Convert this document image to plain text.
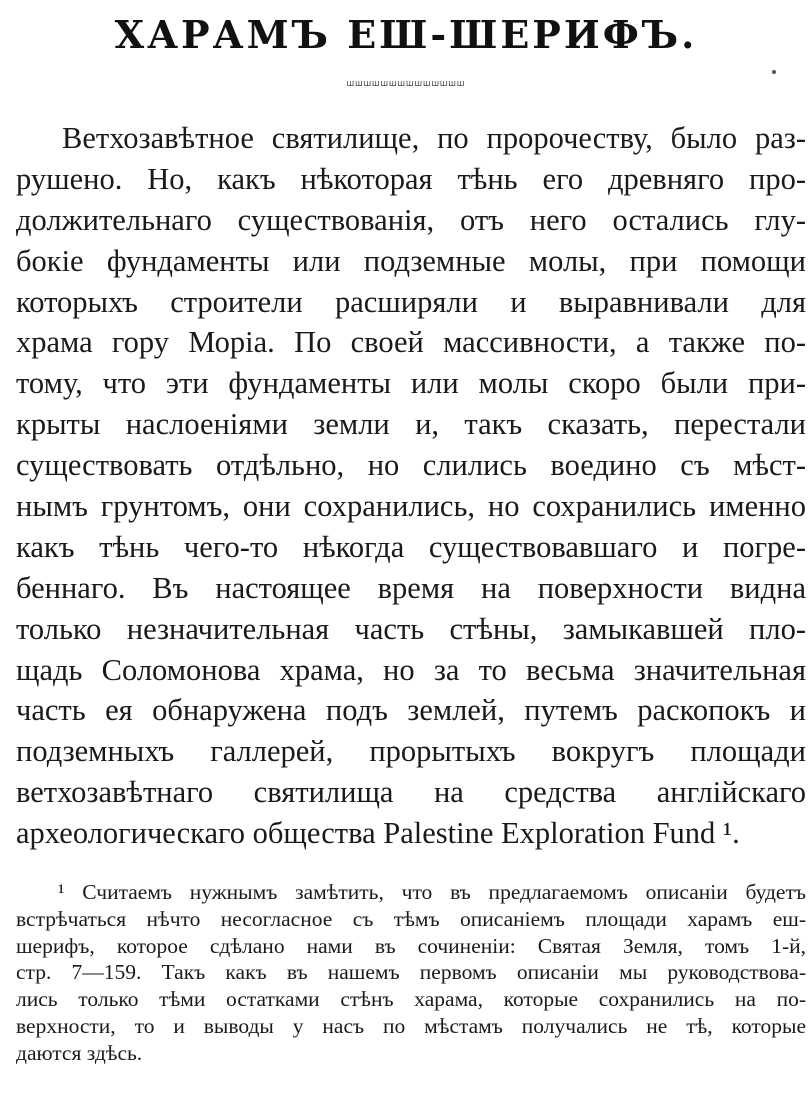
ХАРАМЪ ЕШ-ШЕРИФЪ.
ШШШШШШШШШШШШШШ
Ветхозавѣтное святилище, по пророчеству, было раз-
рушено. Но, какъ нѣкоторая тѣнь его древняго про-
должительнаго существованія, отъ него остались глу-
бокіе фундаменты или подземные молы, при помощи
которыхъ строители расширяли и выравнивали для
храма гору Моріа. По своей массивности, а также по-
тому, что эти фундаменты или молы скоро были при-
крыты наслоеніями земли и, такъ сказать, перестали
существовать отдѣльно, но слились воедино съ мѣст-
нымъ грунтомъ, они сохранились, но сохранились именно
какъ тѣнь чего-то нѣкогда существовавшаго и погре-
беннаго. Въ настоящее время на поверхности видна
только незначительная часть стѣны, замыкавшей пло-
щадь Соломонова храма, но за то весьма значительная
часть ея обнаружена подъ землей, путемъ раскопокъ и
подземныхъ галлерей, прорытыхъ вокругъ площади
ветхозавѣтнаго святилища на средства англійскаго
археологическаго общества Palestine Exploration Fund ¹.
¹ Считаемъ нужнымъ замѣтить, что въ предлагаемомъ описаніи будетъ
встрѣчаться нѣчто несогласное съ тѣмъ описаніемъ площади харамъ еш-
шерифъ, которое сдѣлано нами въ сочиненіи: Святая Земля, томъ 1-й,
стр. 7—159. Такъ какъ въ нашемъ первомъ описаніи мы руководствова-
лись только тѣми остатками стѣнъ харама, которые сохранились на по-
верхности, то и выводы у насъ по мѣстамъ получались не тѣ, которые
даются здѣсь.
